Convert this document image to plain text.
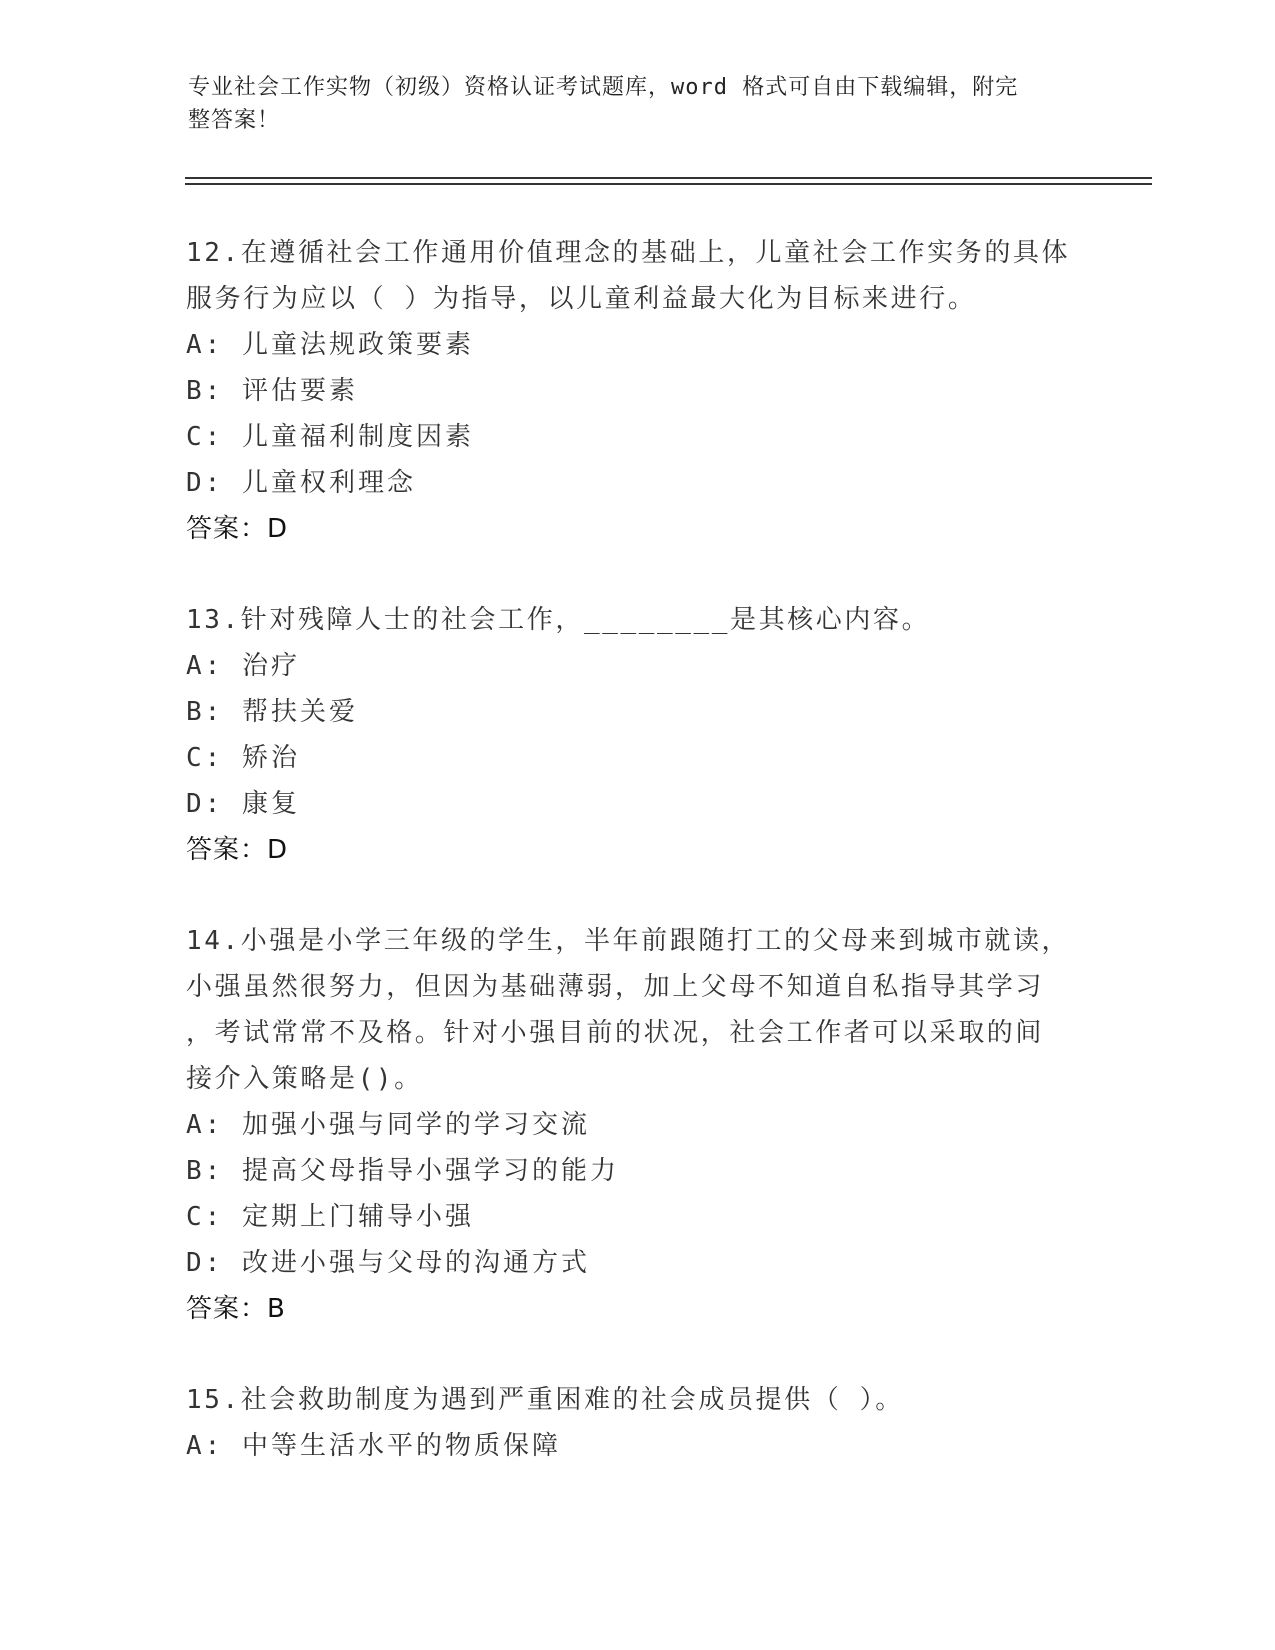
专业社会工作实物（初级）资格认证考试题库，word 格式可自由下载编辑，附完
整答案！
12.在遵循社会工作通用价值理念的基础上，儿童社会工作实务的具体
服务行为应以（ ）为指导，以儿童利益最大化为目标来进行。
A: 儿童法规政策要素
B: 评估要素
C: 儿童福利制度因素
D: 儿童权利理念
答案：D
13.针对残障人士的社会工作，________是其核心内容。
A: 治疗
B: 帮扶关爱
C: 矫治
D: 康复
答案：D
14.小强是小学三年级的学生，半年前跟随打工的父母来到城市就读，
小强虽然很努力，但因为基础薄弱，加上父母不知道自私指导其学习
，考试常常不及格。针对小强目前的状况，社会工作者可以采取的间
接介入策略是()。
A: 加强小强与同学的学习交流
B: 提高父母指导小强学习的能力
C: 定期上门辅导小强
D: 改进小强与父母的沟通方式
答案：B
15.社会救助制度为遇到严重困难的社会成员提供（ ）。
A: 中等生活水平的物质保障
